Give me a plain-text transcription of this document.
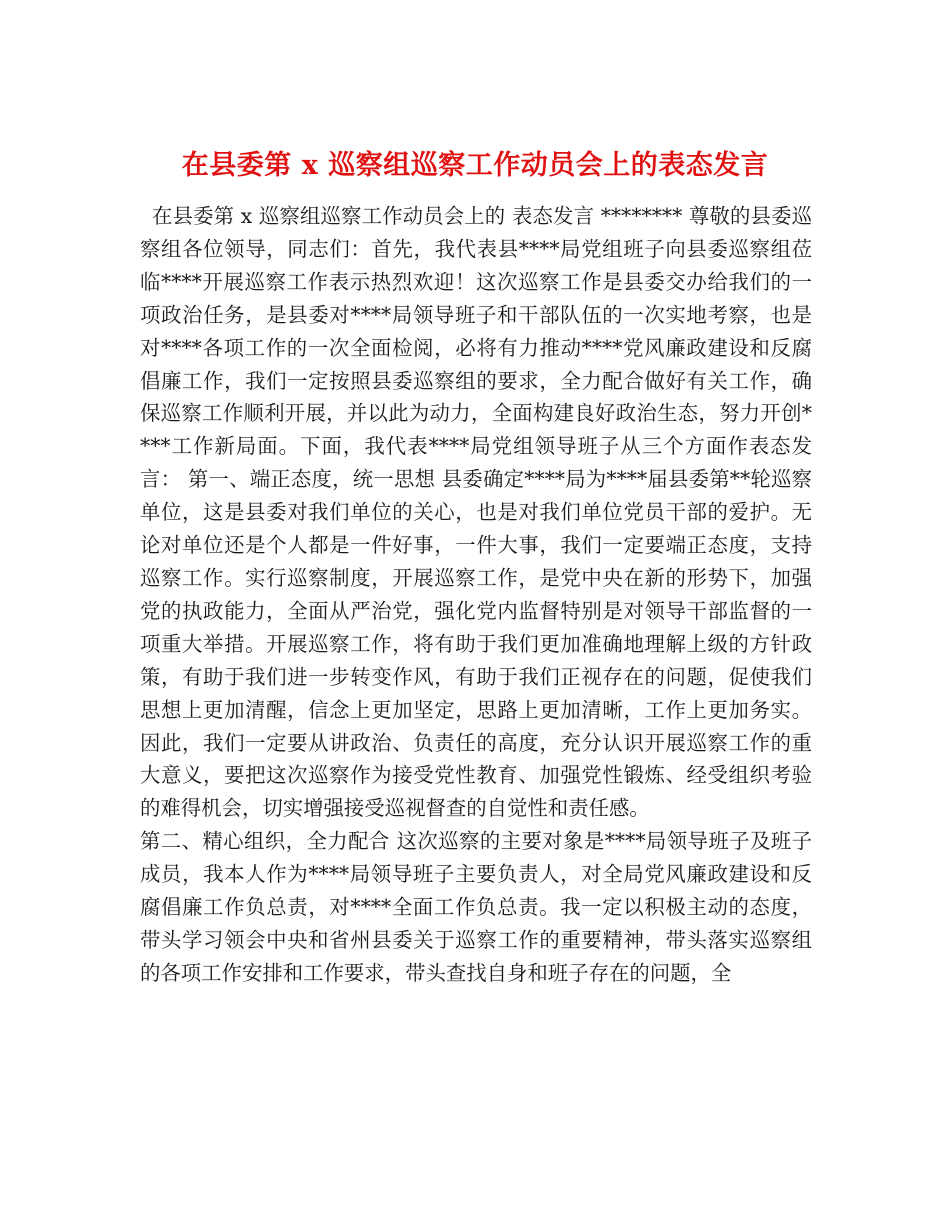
在县委第 x 巡察组巡察工作动员会上的表态发言

在县委第 x 巡察组巡察工作动员会上的 表态发言 ******** 尊敬的县委巡察组各位领导，同志们：首先，我代表县****局党组班子向县委巡察组莅临****开展巡察工作表示热烈欢迎！这次巡察工作是县委交办给我们的一项政治任务，是县委对****局领导班子和干部队伍的一次实地考察，也是对****各项工作的一次全面检阅，必将有力推动****党风廉政建设和反腐倡廉工作，我们一定按照县委巡察组的要求，全力配合做好有关工作，确保巡察工作顺利开展，并以此为动力，全面构建良好政治生态，努力开创****工作新局面。下面，我代表****局党组领导班子从三个方面作表态发言： 第一、端正态度，统一思想 县委确定****局为****届县委第**轮巡察单位，这是县委对我们单位的关心，也是对我们单位党员干部的爱护。无论对单位还是个人都是一件好事，一件大事，我们一定要端正态度，支持巡察工作。实行巡察制度，开展巡察工作，是党中央在新的形势下，加强党的执政能力，全面从严治党，强化党内监督特别是对领导干部监督的一项重大举措。开展巡察工作，将有助于我们更加准确地理解上级的方针政策，有助于我们进一步转变作风，有助于我们正视存在的问题，促使我们思想上更加清醒，信念上更加坚定，思路上更加清晰，工作上更加务实。因此，我们一定要从讲政治、负责任的高度，充分认识开展巡察工作的重大意义，要把这次巡察作为接受党性教育、加强党性锻炼、经受组织考验的难得机会，切实增强接受巡视督查的自觉性和责任感。

第二、精心组织，全力配合 这次巡察的主要对象是****局领导班子及班子成员，我本人作为****局领导班子主要负责人，对全局党风廉政建设和反腐倡廉工作负总责，对****全面工作负总责。我一定以积极主动的态度，带头学习领会中央和省州县委关于巡察工作的重要精神，带头落实巡察组的各项工作安排和工作要求，带头查找自身和班子存在的问题，全
